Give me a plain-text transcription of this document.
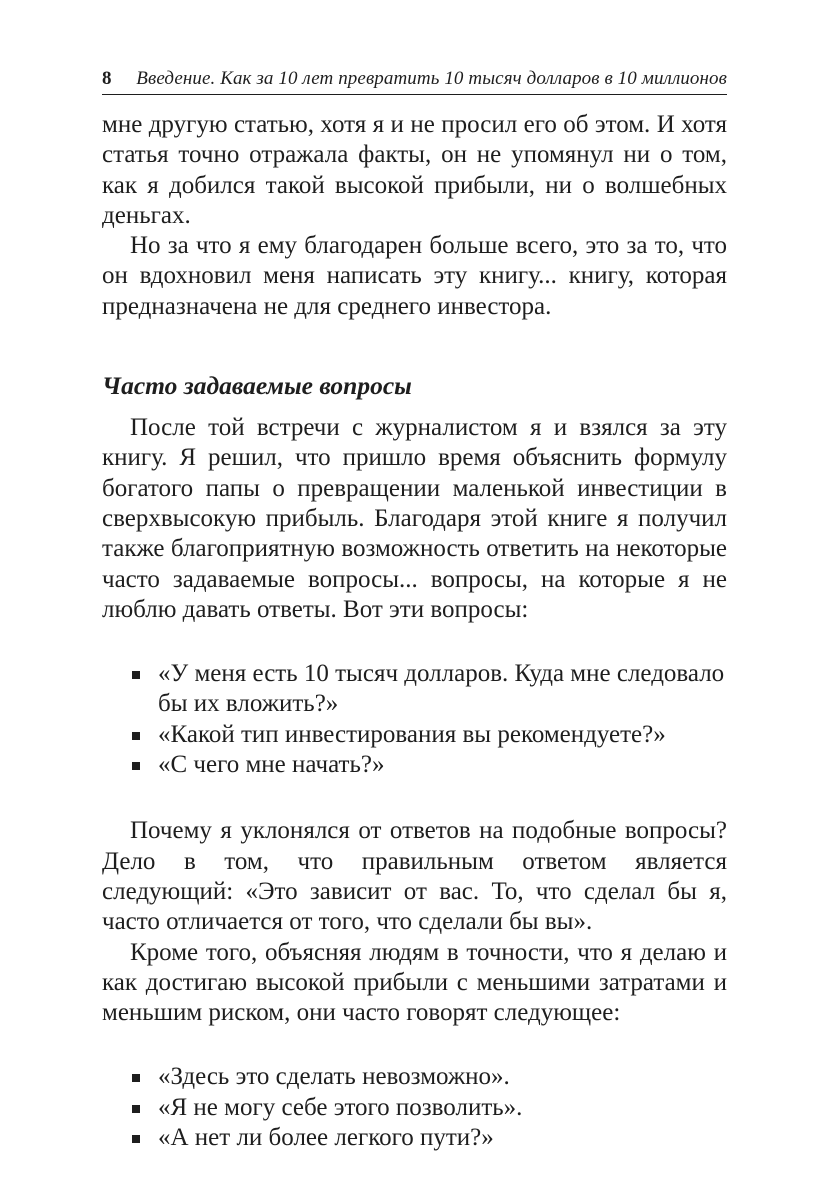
8	Введение. Как за 10 лет превратить 10 тысяч долларов в 10 миллионов

мне другую статью, хотя я и не просил его об этом. И хотя статья точно отражала факты, он не упомянул ни о том, как я добился такой высокой прибыли, ни о волшебных деньгах.

Но за что я ему благодарен больше всего, это за то, что он вдохновил меня написать эту книгу... книгу, которая предназначена не для среднего инвестора.

Часто задаваемые вопросы

После той встречи с журналистом я и взялся за эту книгу. Я решил, что пришло время объяснить формулу богатого папы о превращении маленькой инвестиции в сверхвысокую прибыль. Благодаря этой книге я получил также благоприятную возможность ответить на некоторые часто задаваемые вопросы... вопросы, на которые я не люблю давать ответы. Вот эти вопросы:

«У меня есть 10 тысяч долларов. Куда мне следовало бы их вложить?»
«Какой тип инвестирования вы рекомендуете?»
«С чего мне начать?»

Почему я уклонялся от ответов на подобные вопросы? Дело в том, что правильным ответом является следующий: «Это зависит от вас. То, что сделал бы я, часто отличается от того, что сделали бы вы».

Кроме того, объясняя людям в точности, что я делаю и как достигаю высокой прибыли с меньшими затратами и меньшим риском, они часто говорят следующее:

«Здесь это сделать невозможно».
«Я не могу себе этого позволить».
«А нет ли более легкого пути?»
